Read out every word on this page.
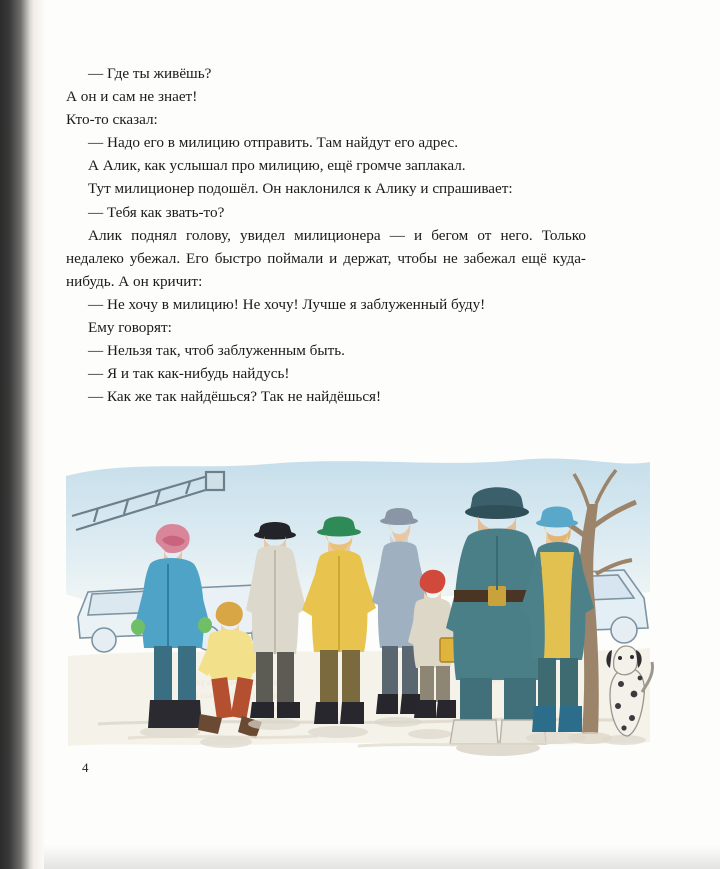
— Где ты живёшь?

А он и сам не знает!

Кто-то сказал:

— Надо его в милицию отправить. Там найдут его адрес.

А Алик, как услышал про милицию, ещё громче заплакал.

Тут милиционер подошёл. Он наклонился к Алику и спрашивает:

— Тебя как звать-то?

Алик поднял голову, увидел милиционера — и бегом от него. Только недалеко убежал. Его быстро поймали и держат, чтобы не забежал ещё куда-нибудь. А он кричит:

— Не хочу в милицию! Не хочу! Лучше я заблуженный буду!

Ему говорят:

— Нельзя так, чтоб заблуженным быть.

— Я и так как-нибудь найдусь!

— Как же так найдёшься? Так не найдёшься!

4
